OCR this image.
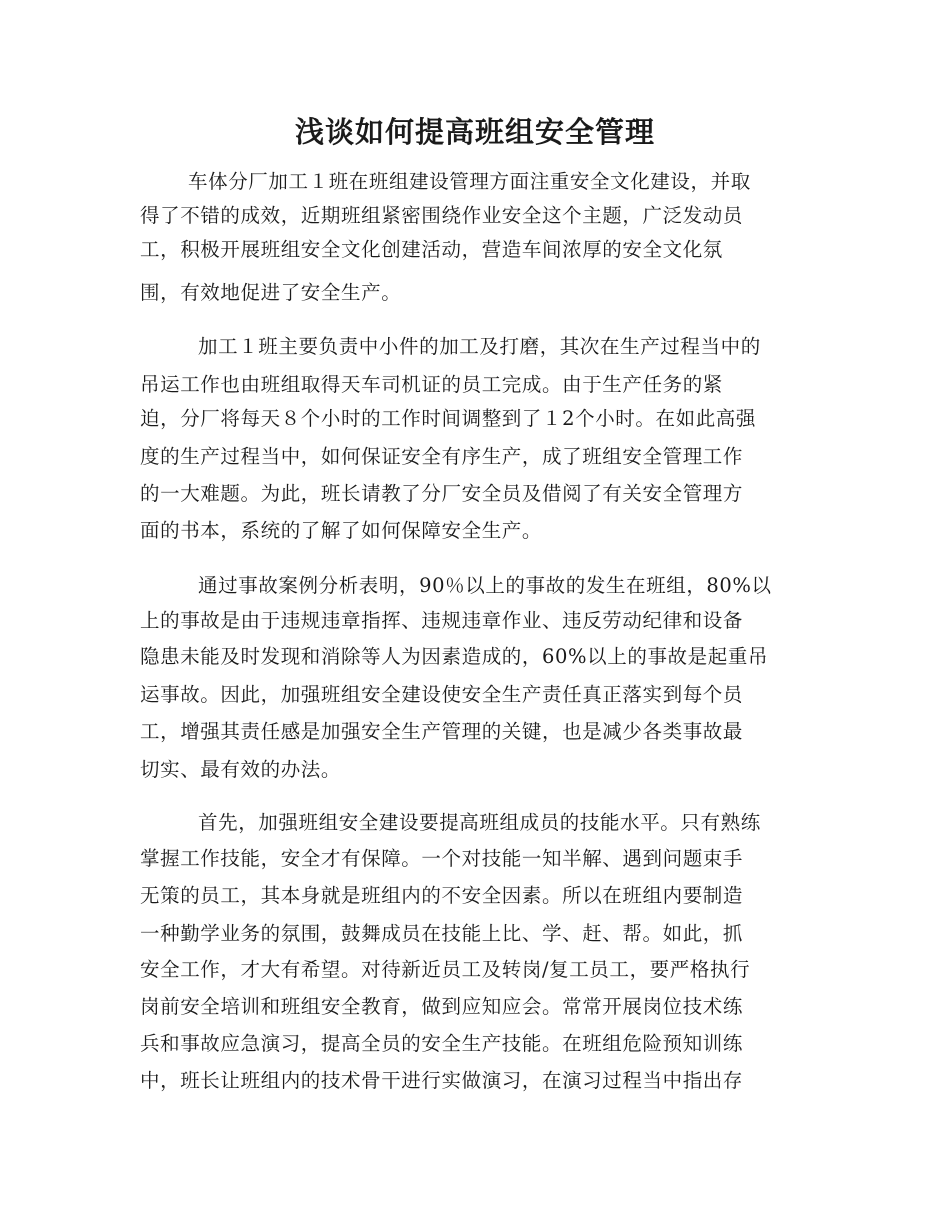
浅谈如何提高班组安全管理
车体分厂加工１班在班组建设管理方面注重安全文化建设，并取
得了不错的成效，近期班组紧密围绕作业安全这个主题，广泛发动员
工，积极开展班组安全文化创建活动，营造车间浓厚的安全文化氛
围，有效地促进了安全生产。
加工１班主要负责中小件的加工及打磨，其次在生产过程当中的
吊运工作也由班组取得天车司机证的员工完成。由于生产任务的紧
迫，分厂将每天８个小时的工作时间调整到了１2个小时。在如此高强
度的生产过程当中，如何保证安全有序生产，成了班组安全管理工作
的一大难题。为此，班长请教了分厂安全员及借阅了有关安全管理方
面的书本，系统的了解了如何保障安全生产。
通过事故案例分析表明，90％以上的事故的发生在班组，80%以
上的事故是由于违规违章指挥、违规违章作业、违反劳动纪律和设备
隐患未能及时发现和消除等人为因素造成的，60%以上的事故是起重吊
运事故。因此，加强班组安全建设使安全生产责任真正落实到每个员
工，增强其责任感是加强安全生产管理的关键，也是减少各类事故最
切实、最有效的办法。
首先，加强班组安全建设要提高班组成员的技能水平。只有熟练
掌握工作技能，安全才有保障。一个对技能一知半解、遇到问题束手
无策的员工，其本身就是班组内的不安全因素。所以在班组内要制造
一种勤学业务的氛围，鼓舞成员在技能上比、学、赶、帮。如此，抓
安全工作，才大有希望。对待新近员工及转岗/复工员工，要严格执行
岗前安全培训和班组安全教育，做到应知应会。常常开展岗位技术练
兵和事故应急演习，提高全员的安全生产技能。在班组危险预知训练
中，班长让班组内的技术骨干进行实做演习，在演习过程当中指出存
